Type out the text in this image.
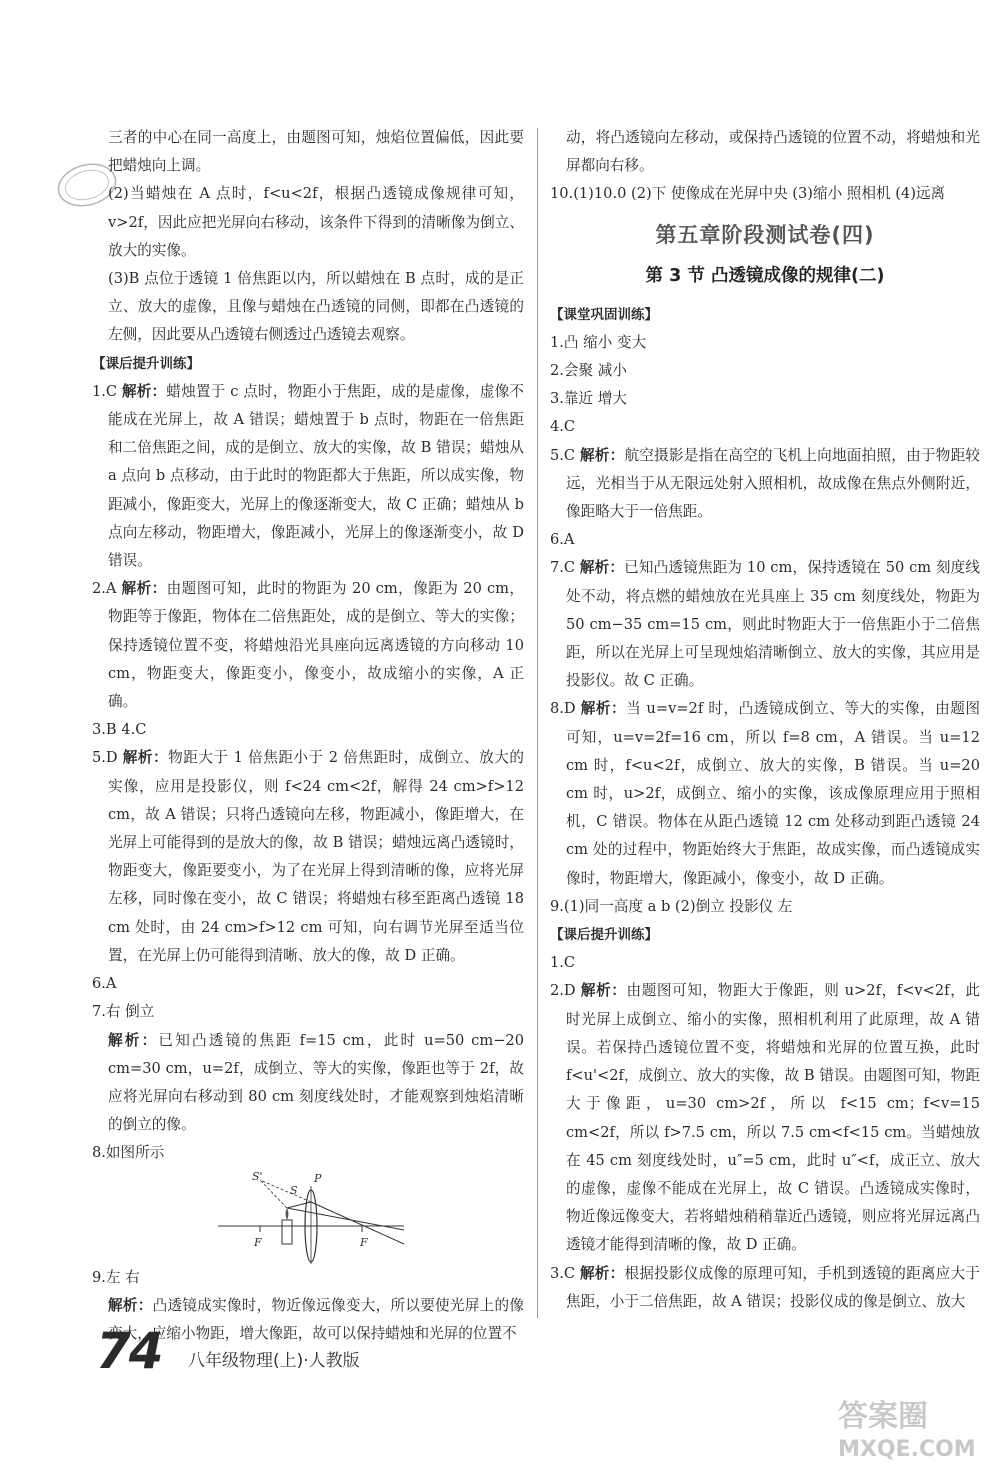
三者的中心在同一高度上，由题图可知，烛焰位置偏低，因此要把蜡烛向上调。

(2)当蜡烛在 A 点时，f<u<2f，根据凸透镜成像规律可知，v>2f，因此应把光屏向右移动，该条件下得到的清晰像为倒立、放大的实像。

(3)B 点位于透镜 1 倍焦距以内，所以蜡烛在 B 点时，成的是正立、放大的虚像，且像与蜡烛在凸透镜的同侧，即都在凸透镜的左侧，因此要从凸透镜右侧透过凸透镜去观察。

【课后提升训练】

1.C 解析：蜡烛置于 c 点时，物距小于焦距，成的是虚像，虚像不能成在光屏上，故 A 错误；蜡烛置于 b 点时，物距在一倍焦距和二倍焦距之间，成的是倒立、放大的实像，故 B 错误；蜡烛从 a 点向 b 点移动，由于此时的物距都大于焦距，所以成实像，物距减小，像距变大，光屏上的像逐渐变大，故 C 正确；蜡烛从 b 点向左移动，物距增大，像距减小，光屏上的像逐渐变小，故 D 错误。

2.A 解析：由题图可知，此时的物距为 20 cm，像距为 20 cm，物距等于像距，物体在二倍焦距处，成的是倒立、等大的实像；保持透镜位置不变，将蜡烛沿光具座向远离透镜的方向移动 10 cm，物距变大，像距变小，像变小，故成缩小的实像，A 正确。

3.B 4.C

5.D 解析：物距大于 1 倍焦距小于 2 倍焦距时，成倒立、放大的实像，应用是投影仪，则 f<24 cm<2f，解得 24 cm>f>12 cm，故 A 错误；只将凸透镜向左移，物距减小，像距增大，在光屏上可能得到的是放大的像，故 B 错误；蜡烛远离凸透镜时，物距变大，像距要变小，为了在光屏上得到清晰的像，应将光屏左移，同时像在变小，故 C 错误；将蜡烛右移至距离凸透镜 18 cm 处时，由 24 cm>f>12 cm 可知，向右调节光屏至适当位置，在光屏上仍可能得到清晰、放大的像，故 D 正确。

6.A

7.右 倒立

解析：已知凸透镜的焦距 f=15 cm，此时 u=50 cm−20 cm=30 cm，u=2f，成倒立、等大的实像，像距也等于 2f，故应将光屏向右移动到 80 cm 刻度线处时，才能观察到烛焰清晰的倒立的像。

8.如图所示

S'
S
P
F	F

9.左 右

解析：凸透镜成实像时，物近像远像变大，所以要使光屏上的像变大，应缩小物距，增大像距，故可以保持蜡烛和光屏的位置不

动，将凸透镜向左移动，或保持凸透镜的位置不动，将蜡烛和光屏都向右移。

10.(1)10.0 (2)下 使像成在光屏中央 (3)缩小 照相机 (4)远离

第五章阶段测试卷(四)

第 3 节 凸透镜成像的规律(二)

【课堂巩固训练】

1.凸 缩小 变大

2.会聚 减小

3.靠近 增大

4.C

5.C 解析：航空摄影是指在高空的飞机上向地面拍照，由于物距较远，光相当于从无限远处射入照相机，故成像在焦点外侧附近，像距略大于一倍焦距。

6.A

7.C 解析：已知凸透镜焦距为 10 cm，保持透镜在 50 cm 刻度线处不动，将点燃的蜡烛放在光具座上 35 cm 刻度线处，物距为 50 cm−35 cm=15 cm，则此时物距大于一倍焦距小于二倍焦距，所以在光屏上可呈现烛焰清晰倒立、放大的实像，其应用是投影仪。故 C 正确。

8.D 解析：当 u=v=2f 时，凸透镜成倒立、等大的实像，由题图可知，u=v=2f=16 cm，所以 f=8 cm，A 错误。当 u=12 cm 时，f<u<2f，成倒立、放大的实像，B 错误。当 u=20 cm 时，u>2f，成倒立、缩小的实像，该成像原理应用于照相机，C 错误。物体在从距凸透镜 12 cm 处移动到距凸透镜 24 cm 处的过程中，物距始终大于焦距，故成实像，而凸透镜成实像时，物距增大，像距减小，像变小，故 D 正确。

9.(1)同一高度 a b (2)倒立 投影仪 左

【课后提升训练】

1.C

2.D 解析：由题图可知，物距大于像距，则 u>2f，f<v<2f，此时光屏上成倒立、缩小的实像，照相机利用了此原理，故 A 错误。若保持凸透镜位置不变，将蜡烛和光屏的位置互换，此时 f<u'<2f，成倒立、放大的实像，故 B 错误。由题图可知，物距大于像距，u=30 cm>2f，所以 f<15 cm；f<v=15 cm<2f，所以 f>7.5 cm，所以 7.5 cm<f<15 cm。当蜡烛放在 45 cm 刻度线处时，u″=5 cm，此时 u″<f，成正立、放大的虚像，虚像不能成在光屏上，故 C 错误。凸透镜成实像时，物近像远像变大，若将蜡烛稍稍靠近凸透镜，则应将光屏远离凸透镜才能得到清晰的像，故 D 正确。

3.C 解析：根据投影仪成像的原理可知，手机到透镜的距离应大于焦距，小于二倍焦距，故 A 错误；投影仪成的像是倒立、放大

74 八年级物理(上)·人教版
答案圈
MXQE.COM
